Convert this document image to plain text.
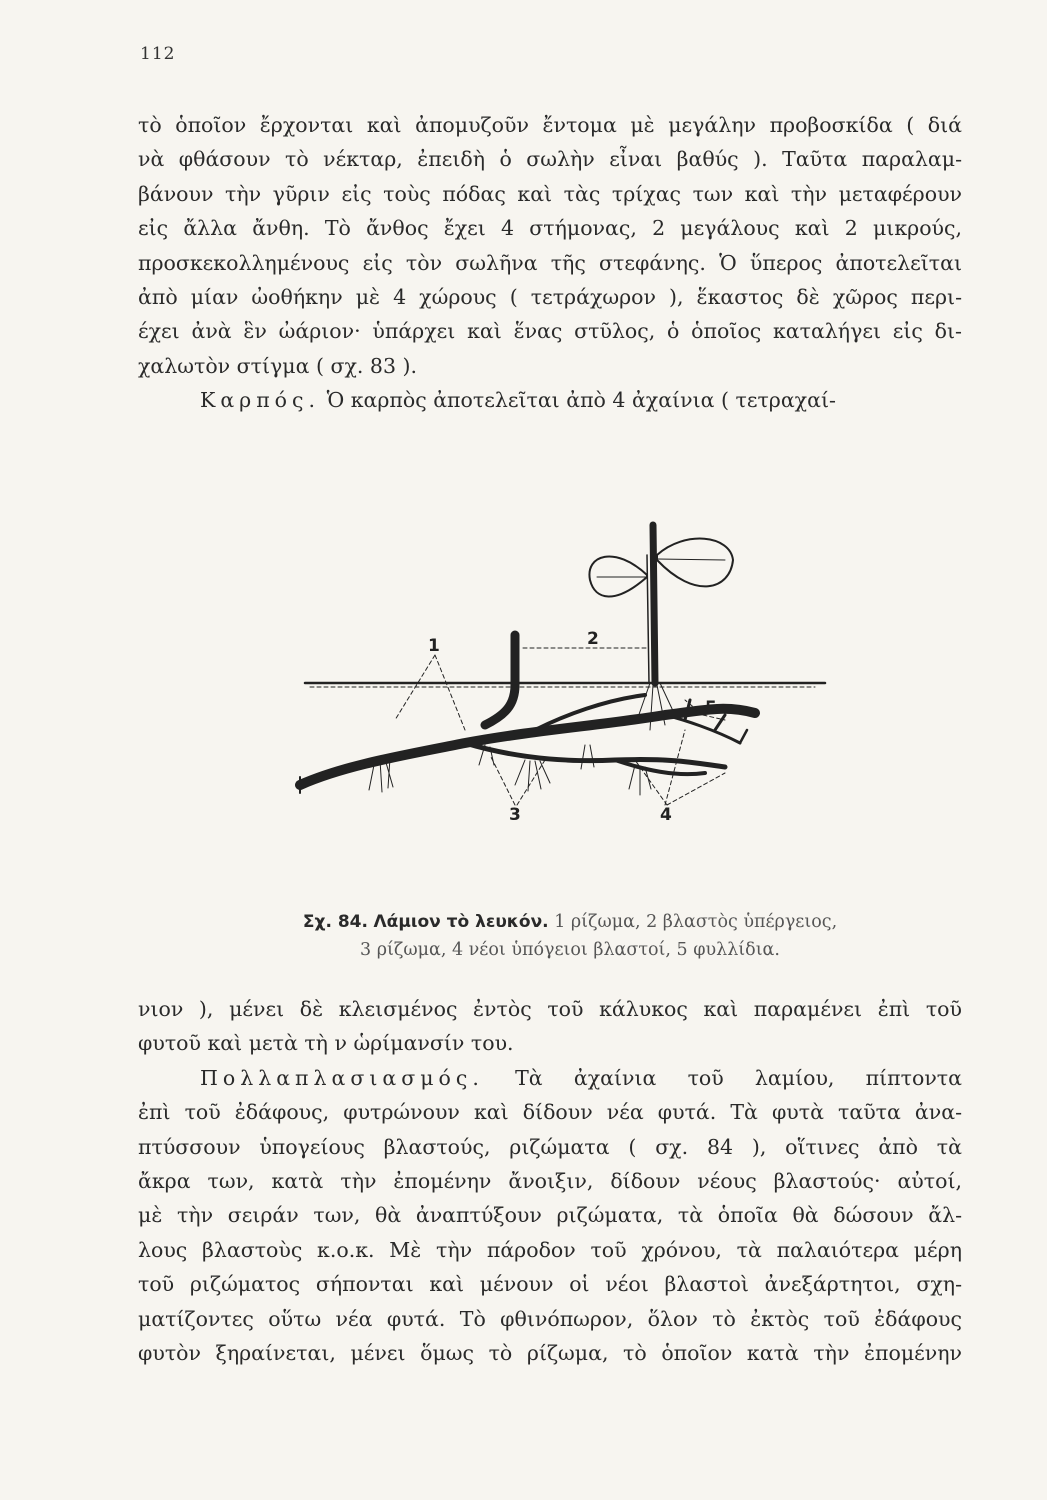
112
τὸ ὁποῖον ἔρχονται καὶ ἀπομυζοῦν ἔντομα μὲ μεγάλην προβοσκίδα ( διά
νὰ φθάσουν τὸ νέκταρ, ἐπειδὴ ὁ σωλὴν εἶναι βαθύς ). Ταῦτα παραλαμ-
βάνουν τὴν γῦριν εἰς τοὺς πόδας καὶ τὰς τρίχας των καὶ τὴν μεταφέρουν
εἰς ἄλλα ἄνθη. Τὸ ἄνθος ἔχει 4 στήμονας, 2 μεγάλους καὶ 2 μικρούς,
προσκεκολλημένους εἰς τὸν σωλῆνα τῆς στεφάνης. Ὁ ὕπερος ἀποτελεῖται
ἀπὸ μίαν ὠοθήκην μὲ 4 χώρους ( τετράχωρον ), ἕκαστος δὲ χῶρος περι-
έχει ἀνὰ ἓν ὠάριον· ὑπάρχει καὶ ἕνας στῦλος, ὁ ὁποῖος καταλήγει εἰς δι-
χαλωτὸν στίγμα ( σχ. 83 ).
Καρπός. Ὁ καρπὸς ἀποτελεῖται ἀπὸ 4 ἀχαίνια ( τετραχαί-
1	2
3	4
5
Σχ. 84. Λάμιον τὸ λευκόν. 1 ρίζωμα, 2 βλαστὸς ὑπέργειος,
3 ρίζωμα, 4 νέοι ὑπόγειοι βλαστοί, 5 φυλλίδια.
νιον ), μένει δὲ κλεισμένος ἐντὸς τοῦ κάλυκος καὶ παραμένει ἐπὶ τοῦ
φυτοῦ καὶ μετὰ τὴ ν ὡρίμανσίν του.
Πολλαπλασιασμός. Τὰ ἀχαίνια τοῦ λαμίου, πίπτοντα
ἐπὶ τοῦ ἐδάφους, φυτρώνουν καὶ δίδουν νέα φυτά. Τὰ φυτὰ ταῦτα ἀνα-
πτύσσουν ὑπογείους βλαστούς, ριζώματα ( σχ. 84 ), οἵτινες ἀπὸ τὰ
ἄκρα των, κατὰ τὴν ἐπομένην ἄνοιξιν, δίδουν νέους βλαστούς· αὐτοί,
μὲ τὴν σειράν των, θὰ ἀναπτύξουν ριζώματα, τὰ ὁποῖα θὰ δώσουν ἄλ-
λους βλαστοὺς κ.ο.κ. Μὲ τὴν πάροδον τοῦ χρόνου, τὰ παλαιότερα μέρη
τοῦ ριζώματος σήπονται καὶ μένουν οἱ νέοι βλαστοὶ ἀνεξάρτητοι, σχη-
ματίζοντες οὕτω νέα φυτά. Τὸ φθινόπωρον, ὅλον τὸ ἐκτὸς τοῦ ἐδάφους
φυτὸν ξηραίνεται, μένει ὅμως τὸ ρίζωμα, τὸ ὁποῖον κατὰ τὴν ἐπομένην
